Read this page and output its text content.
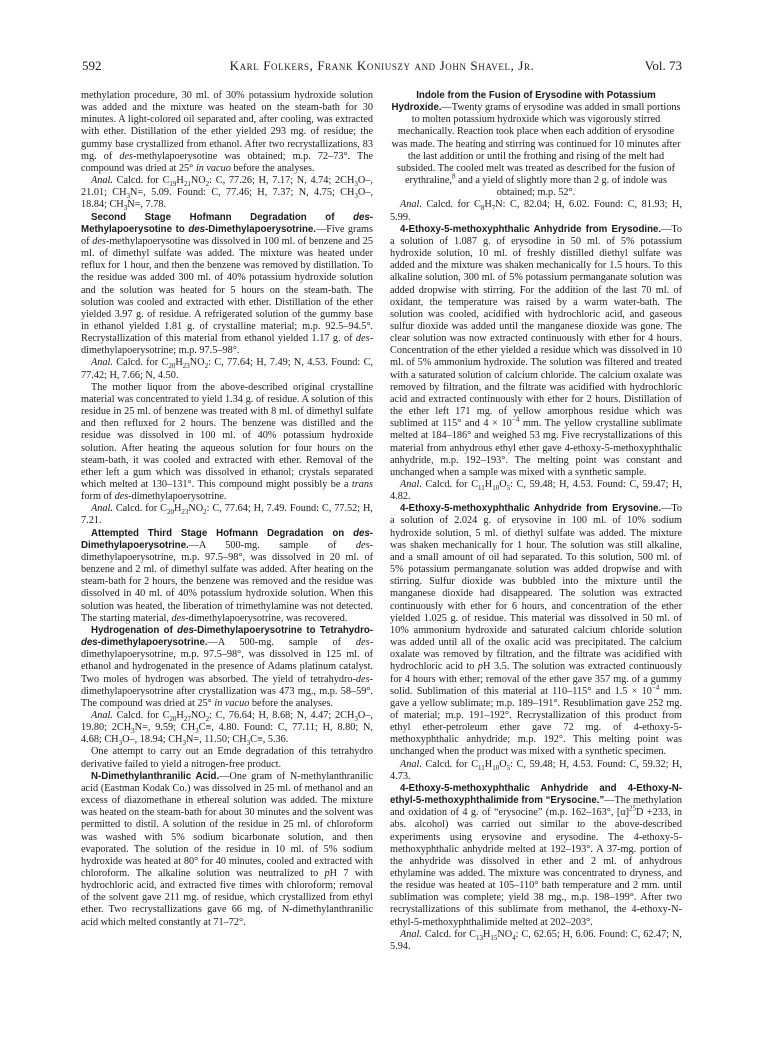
592	Karl Folkers, Frank Koniuszy and John Shavel, Jr.	Vol. 73

methylation procedure, 30 ml. of 30% potassium hydroxide solution was added and the mixture was heated on the steam-bath for 30 minutes. A light-colored oil separated and, after cooling, was extracted with ether. Distillation of the ether yielded 293 mg. of residue; the gummy base crystallized from ethanol. After two recrystallizations, 83 mg. of des-methylapoerysotine was obtained; m.p. 72–73°. The compound was dried at 25° in vacuo before the analyses.

Anal. Calcd. for $C_{19}H_{21}NO_2$: C, 77.26; H, 7.17; N, 4.74; $2CH_3O-$, 21.01; $CH_3N=$, 5.09. Found: C, 77.46; H, 7.37; N, 4.75; $CH_3O-$, 18.84; $CH_3N=$, 7.78.

Second Stage Hofmann Degradation of des-Methylapoerysotine to des-Dimethylapoerysotrine.—Five grams of des-methylapoerysotine was dissolved in 100 ml. of benzene and 25 ml. of dimethyl sulfate was added. The mixture was heated under reflux for 1 hour, and then the benzene was removed by distillation. To the residue was added 300 ml. of 40% potassium hydroxide solution and the solution was heated for 5 hours on the steam-bath. The solution was cooled and extracted with ether. Distillation of the ether yielded 3.97 g. of residue. A refrigerated solution of the gummy base in ethanol yielded 1.81 g. of crystalline material; m.p. 92.5–94.5°. Recrystallization of this material from ethanol yielded 1.17 g. of des-dimethylapoerysotrine; m.p. 97.5–98°.

Anal. Calcd. for $C_{20}H_{23}NO_2$: C, 77.64; H, 7.49; N, 4.53. Found: C, 77.42; H, 7.66; N, 4.50.

The mother liquor from the above-described original crystalline material was concentrated to yield 1.34 g. of residue. A solution of this residue in 25 ml. of benzene was treated with 8 ml. of dimethyl sulfate and then refluxed for 2 hours. The benzene was distilled and the residue was dissolved in 100 ml. of 40% potassium hydroxide solution. After heating the aqueous solution for four hours on the steam-bath, it was cooled and extracted with ether. Removal of the ether left a gum which was dissolved in ethanol; crystals separated which melted at 130–131°. This compound might possibly be a trans form of des-dimethylapoerysotrine.

Anal. Calcd. for $C_{20}H_{23}NO_2$: C, 77.64; H, 7.49. Found: C, 77.52; H, 7.21.

Attempted Third Stage Hofmann Degradation on des-Dimethylapoerysotrine.—A 500-mg. sample of des-dimethylapoerysotrine, m.p. 97.5–98°, was dissolved in 20 ml. of benzene and 2 ml. of dimethyl sulfate was added. After heating on the steam-bath for 2 hours, the benzene was removed and the residue was dissolved in 40 ml. of 40% potassium hydroxide solution. When this solution was heated, the liberation of trimethylamine was not detected. The starting material, des-dimethylapoerysotrine, was recovered.

Hydrogenation of des-Dimethylapoerysotrine to Tetrahydro-des-dimethylapoerysotrine.—A 500-mg. sample of des-dimethylapoerysotrine, m.p. 97.5–98°, was dissolved in 125 ml. of ethanol and hydrogenated in the presence of Adams platinum catalyst. Two moles of hydrogen was absorbed. The yield of tetrahydro-des-dimethylapoerysotrine after crystallization was 473 mg., m.p. 58–59°. The compound was dried at 25° in vacuo before the analyses.

Anal. Calcd. for $C_{20}H_{27}NO_2$: C, 76.64; H, 8.68; N, 4.47; $2CH_3O-$, 19.80; $2CH_3N=$, 9.59; $CH_3C\equiv$, 4.80. Found: C, 77.11; H, 8.80; N, 4.68; $CH_3O-$, 18.94; $CH_3N=$, 11.50; $CH_3C\equiv$, 5.36.

One attempt to carry out an Emde degradation of this tetrahydro derivative failed to yield a nitrogen-free product.

N-Dimethylanthranilic Acid.—One gram of N-methylanthranilic acid (Eastman Kodak Co.) was dissolved in 25 ml. of methanol and an excess of diazomethane in ethereal solution was added. The mixture was heated on the steam-bath for about 30 minutes and the solvent was permitted to distil. A solution of the residue in 25 ml. of chloroform was washed with 5% sodium bicarbonate solution, and then evaporated. The solution of the residue in 10 ml. of 5% sodium hydroxide was heated at 80° for 40 minutes, cooled and extracted with chloroform. The alkaline solution was neutralized to pH 7 with hydrochloric acid, and extracted five times with chloroform; removal of the solvent gave 211 mg. of residue, which crystallized from ethyl ether. Two recrystallizations gave 66 mg. of N-dimethylanthranilic acid which melted constantly at 71–72°.

Indole from the Fusion of Erysodine with Potassium Hydroxide.—Twenty grams of erysodine was added in small portions to molten potassium hydroxide which was vigorously stirred mechanically. Reaction took place when each addition of erysodine was made. The heating and stirring was continued for 10 minutes after the last addition or until the frothing and rising of the melt had subsided. The cooled melt was treated as described for the fusion of erythraline,$^8$ and a yield of slightly more than 2 g. of indole was obtained; m.p. 52°.

Anal. Calcd. for $C_8H_7N$: C, 82.04; H, 6.02. Found: C, 81.93; H, 5.99.

4-Ethoxy-5-methoxyphthalic Anhydride from Erysodine.—To a solution of 1.087 g. of erysodine in 50 ml. of 5% potassium hydroxide solution, 10 ml. of freshly distilled diethyl sulfate was added and the mixture was shaken mechanically for 1.5 hours. To this alkaline solution, 300 ml. of 5% potassium permanganate solution was added dropwise with stirring. For the addition of the last 70 ml. of oxidant, the temperature was raised by a warm water-bath. The solution was cooled, acidified with hydrochloric acid, and gaseous sulfur dioxide was added until the manganese dioxide was gone. The clear solution was now extracted continuously with ether for 4 hours. Concentration of the ether yielded a residue which was dissolved in 10 ml. of 5% ammonium hydroxide. The solution was filtered and treated with a saturated solution of calcium chloride. The calcium oxalate was removed by filtration, and the filtrate was acidified with hydrochloric acid and extracted continuously with ether for 2 hours. Distillation of the ether left 171 mg. of yellow amorphous residue which was sublimed at 115° and $4 \times 10^{-4}$ mm. The yellow crystalline sublimate melted at 184–186° and weighed 53 mg. Five recrystallizations of this material from anhydrous ethyl ether gave 4-ethoxy-5-methoxyphthalic anhydride, m.p. 192–193°. The melting point was constant and unchanged when a sample was mixed with a synthetic sample.

Anal. Calcd. for $C_{11}H_{10}O_5$: C, 59.48; H, 4.53. Found: C, 59.47; H, 4.82.

4-Ethoxy-5-methoxyphthalic Anhydride from Erysovine.—To a solution of 2.024 g. of erysovine in 100 ml. of 10% sodium hydroxide solution, 5 ml. of diethyl sulfate was added. The mixture was shaken mechanically for 1 hour. The solution was still alkaline, and a small amount of oil had separated. To this solution, 500 ml. of 5% potassium permanganate solution was added dropwise and with stirring. Sulfur dioxide was bubbled into the mixture until the manganese dioxide had disappeared. The solution was extracted continuously with ether for 6 hours, and concentration of the ether yielded 1.025 g. of residue. This material was dissolved in 50 ml. of 10% ammonium hydroxide and saturated calcium chloride solution was added until all of the oxalic acid was precipitated. The calcium oxalate was removed by filtration, and the filtrate was acidified with hydrochloric acid to pH 3.5. The solution was extracted continuously for 4 hours with ether; removal of the ether gave 357 mg. of a gummy solid. Sublimation of this material at 110–115° and $1.5 \times 10^{-4}$ mm. gave a yellow sublimate; m.p. 189–191°. Resublimation gave 252 mg. of material; m.p. 191–192°. Recrystallization of this product from ethyl ether-petroleum ether gave 72 mg. of 4-ethoxy-5-methoxyphthalic anhydride; m.p. 192°. This melting point was unchanged when the product was mixed with a synthetic specimen.

Anal. Calcd. for $C_{11}H_{10}O_5$: C, 59.48; H, 4.53. Found: C, 59.32; H, 4.73.

4-Ethoxy-5-methoxyphthalic Anhydride and 4-Ethoxy-N-ethyl-5-methoxyphthalimide from “Erysocine.”—The methylation and oxidation of 4 g. of “erysocine” (m.p. 162–163°, $[\alpha]^{25}D +233$, in abs. alcohol) was carried out similar to the above-described experiments using erysovine and erysodine. The 4-ethoxy-5-methoxyphthalic anhydride melted at 192–193°. A 37-mg. portion of the anhydride was dissolved in ether and 2 ml. of anhydrous ethylamine was added. The mixture was concentrated to dryness, and the residue was heated at 105–110° bath temperature and 2 mm. until sublimation was complete; yield 38 mg., m.p. 198–199°. After two recrystallizations of this sublimate from methanol, the 4-ethoxy-N-ethyl-5-methoxyphthalimide melted at 202–203°.

Anal. Calcd. for $C_{13}H_{15}NO_4$: C, 62.65; H, 6.06. Found: C, 62.47; N, 5.94.
